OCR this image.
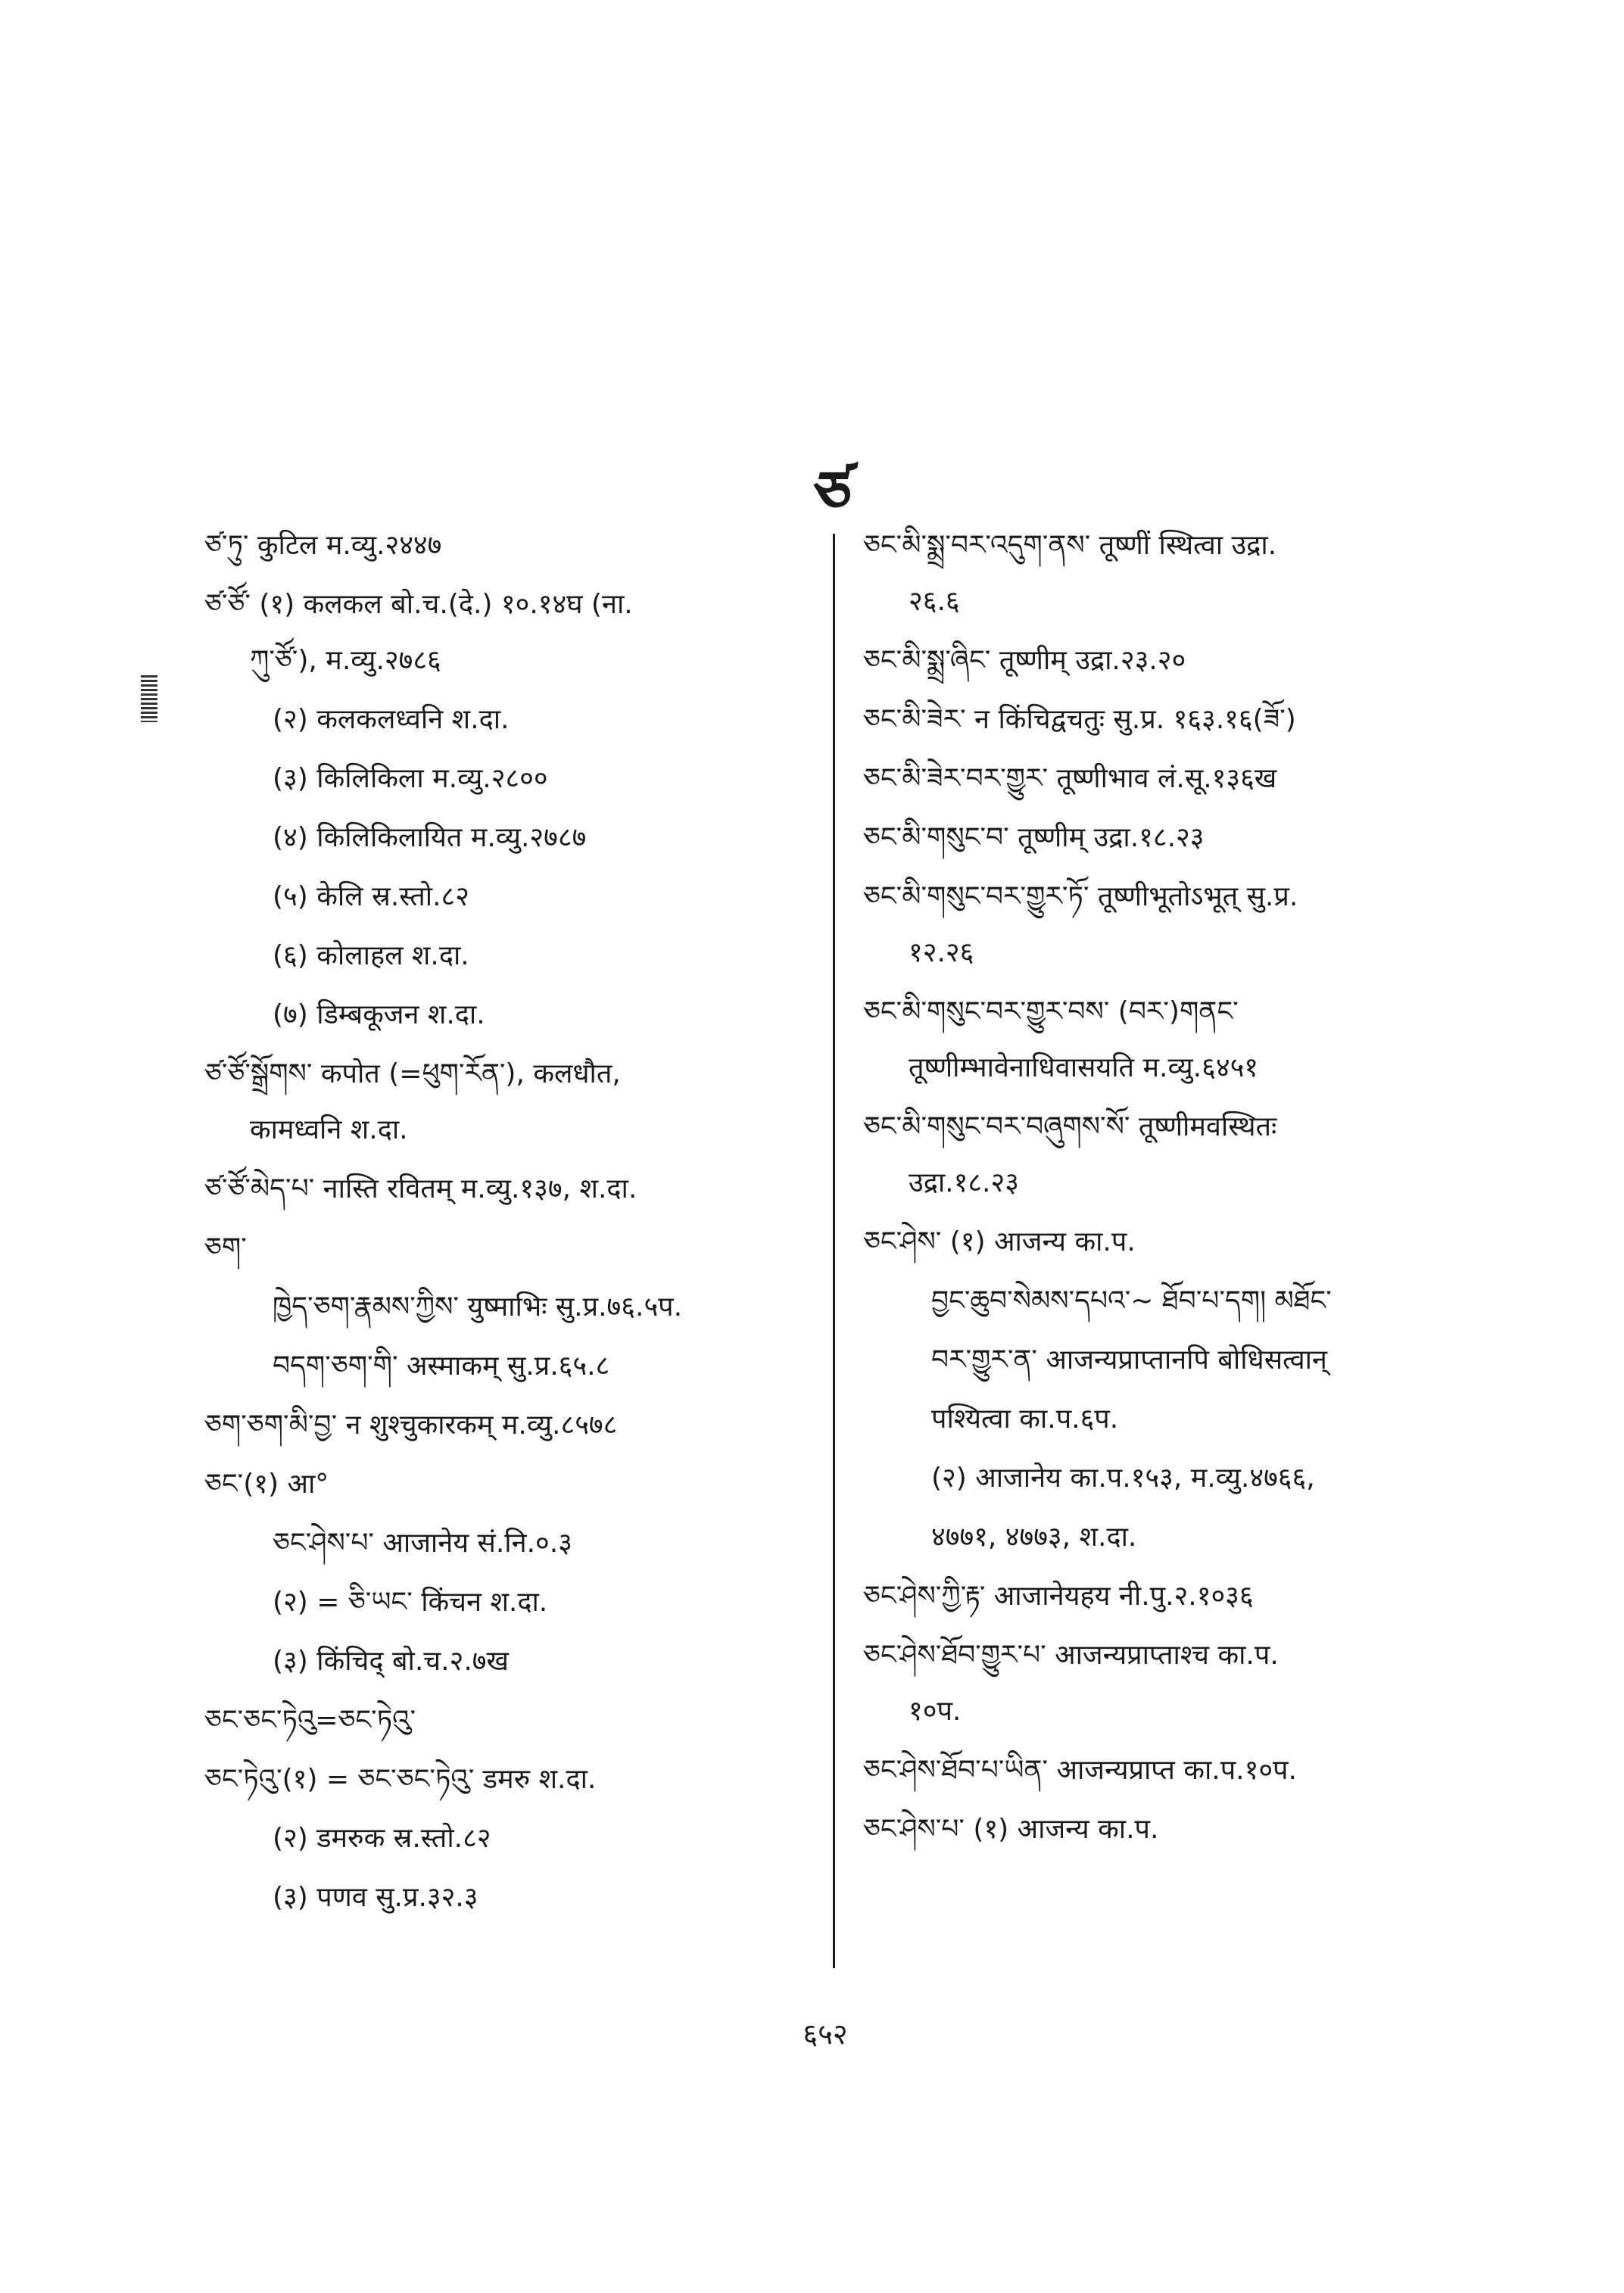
ཙ
ཙ་ཏུ་ कुटिल म.व्यु.२४४७
ཙ་ཙོ་ (१) कलकल बो.च.(दे.) १०.१४घ (ना.
ཀུ་ཙོ་), म.व्यु.२७८६
(२) कलकलध्वनि श.दा.
(३) किलिकिला म.व्यु.२८००
(४) किलिकिलायित म.व्यु.२७८७
(५) केलि स्र.स्तो.८२
(६) कोलाहल श.दा.
(७) डिम्बकूजन श.दा.
ཙ་ཙོ་སྒྲོགས་ कपोत (=ཕུག་རོན་), कलधौत,
कामध्वनि श.दा.
ཙ་ཙོ་མེད་པ་ नास्ति रवितम् म.व्यु.१३७, श.दा.
ཅག་
ཁྱེད་ཅག་རྣམས་ཀྱིས་ युष्माभिः सु.प्र.७६.५प.
བདག་ཅག་གི་ अस्माकम् सु.प्र.६५.८
ཅག་ཅག་མི་བྱ་ न शुश्चुकारकम् म.व्यु.८५७८
ཅང་(१) आ°
ཅང་ཤེས་པ་ आजानेय सं.नि.०.३
(२) = ཅི་ཡང་ किंचन श.दा.
(३) किंचिद् बो.च.२.७ख
ཅང་ཅང་ཏེའུ=ཅང་ཏེའུ་
ཅང་ཏེའུ་(१) = ཅང་ཅང་ཏེའུ་ डमरु श.दा.
(२) डमरुक स्र.स्तो.८२
(३) पणव सु.प्र.३२.३
ཅང་མི་སྨྲ་བར་འདུག་ནས་ तूष्णीं स्थित्वा उद्रा.
२६.६
ཅང་མི་སྨྲ་ཞིང་ तूष्णीम् उद्रा.२३.२०
ཅང་མི་ཟེར་ न किंचिद्वचतुः सु.प्र. १६३.१६(ཟོ་)
ཅང་མི་ཟེར་བར་གྱུར་ तूष्णीभाव लं.सू.१३६ख
ཅང་མི་གསུང་བ་ तूष्णीम् उद्रा.१८.२३
ཅང་མི་གསུང་བར་གྱུར་ཏོ་ तूष्णीभूतोऽभूत् सु.प्र.
१२.२६
ཅང་མི་གསུང་བར་གྱུར་བས་ (བར་)གནང་
तूष्णीम्भावेनाधिवासयति म.व्यु.६४५१
ཅང་མི་གསུང་བར་བཞུགས་སོ་ तूष्णीमवस्थितः
उद्रा.१८.२३
ཅང་ཤེས་ (१) आजन्य का.प.
བྱང་ཆུབ་སེམས་དཔའ་~ ཐོབ་པ་དག། མཐོང་
བར་གྱུར་ན་ आजन्यप्राप्तानपि बोधिसत्वान्
पश्यित्वा का.प.६प.
(२) आजानेय का.प.१५३, म.व्यु.४७६६,
४७७१, ४७७३, श.दा.
ཅང་ཤེས་ཀྱི་རྟ་ आजानेयहय नी.पु.२.१०३६
ཅང་ཤེས་ཐོབ་གྱུར་པ་ आजन्यप्राप्ताश्च का.प.
१०प.
ཅང་ཤེས་ཐོབ་པ་ཡིན་ आजन्यप्राप्त का.प.१०प.
ཅང་ཤེས་པ་ (१) आजन्य का.प.
६५२
